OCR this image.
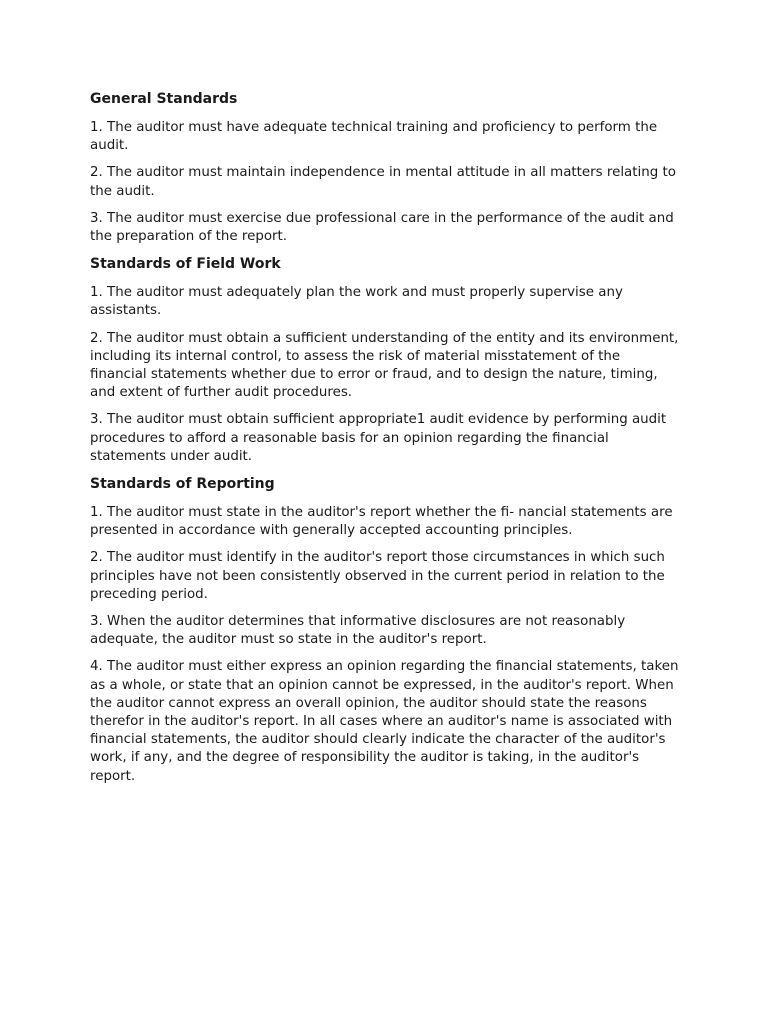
General Standards
1. The auditor must have adequate technical training and proficiency to perform the audit.
2. The auditor must maintain independence in mental attitude in all matters relating to the audit.
3. The auditor must exercise due professional care in the performance of the audit and the preparation of the report.
Standards of Field Work
1. The auditor must adequately plan the work and must properly supervise any assistants.
2. The auditor must obtain a sufficient understanding of the entity and its environment, including its internal control, to assess the risk of material misstatement of the financial statements whether due to error or fraud, and to design the nature, timing, and extent of further audit procedures.
3. The auditor must obtain sufficient appropriate1 audit evidence by performing audit procedures to afford a reasonable basis for an opinion regarding the financial statements under audit.
Standards of Reporting
1. The auditor must state in the auditor's report whether the fi- nancial statements are presented in accordance with generally accepted accounting principles.
2. The auditor must identify in the auditor's report those circumstances in which such principles have not been consistently observed in the current period in relation to the preceding period.
3. When the auditor determines that informative disclosures are not reasonably adequate, the auditor must so state in the auditor's report.
4. The auditor must either express an opinion regarding the financial statements, taken as a whole, or state that an opinion cannot be expressed, in the auditor's report. When the auditor cannot express an overall opinion, the auditor should state the reasons therefor in the auditor's report. In all cases where an auditor's name is associated with financial statements, the auditor should clearly indicate the character of the auditor's work, if any, and the degree of responsibility the auditor is taking, in the auditor's report.
